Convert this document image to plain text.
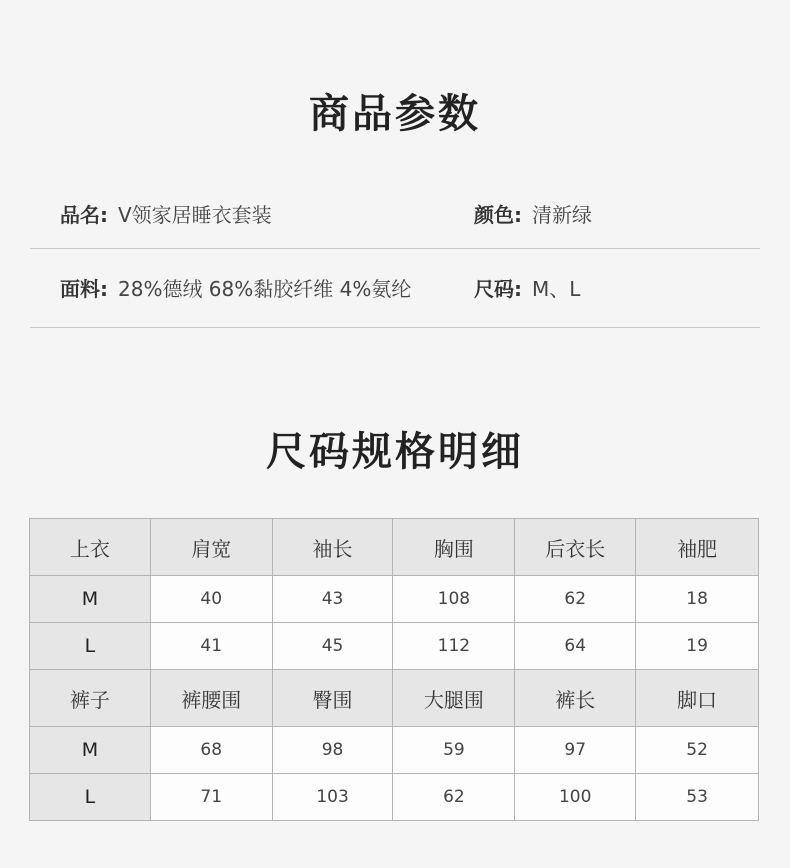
商品参数
品名: V领家居睡衣套装	颜色: 清新绿
面料: 28%德绒 68%黏胶纤维 4%氨纶	尺码: M、L
尺码规格明细
上衣	肩宽	袖长	胸围	后衣长	袖肥
M	40	43	108	62	18
L	41	45	112	64	19
裤子	裤腰围	臀围	大腿围	裤长	脚口
M	68	98	59	97	52
L	71	103	62	100	53
